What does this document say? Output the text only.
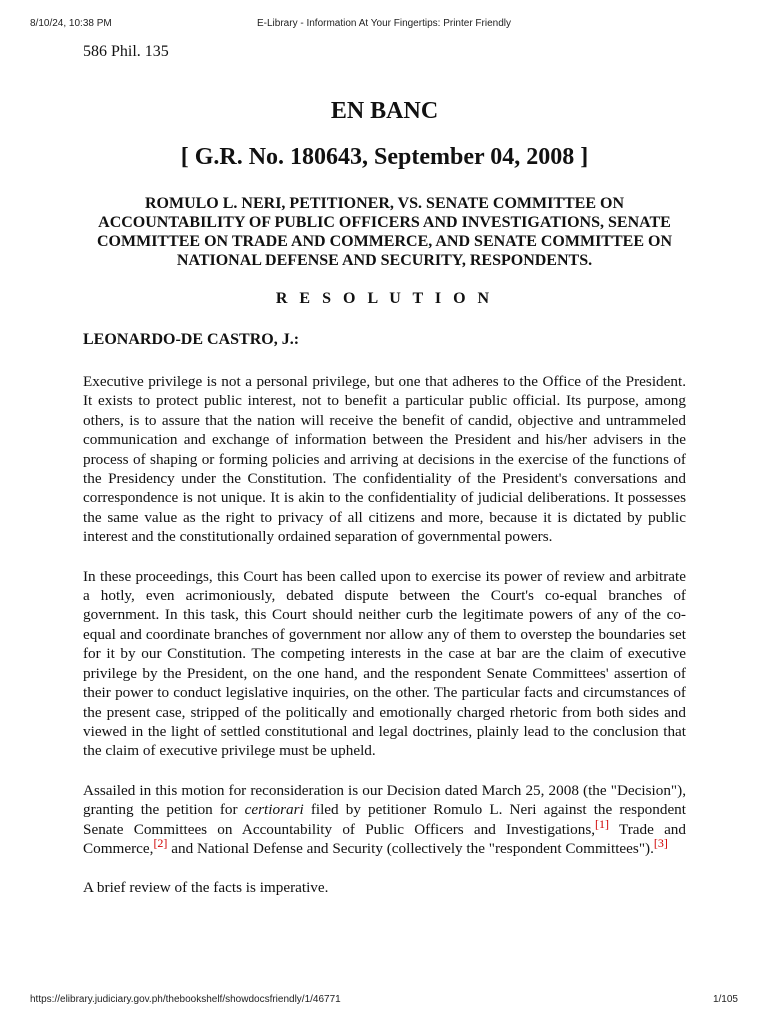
8/10/24, 10:38 PM	E-Library - Information At Your Fingertips: Printer Friendly

586 Phil. 135

EN BANC
[ G.R. No. 180643, September 04, 2008 ]
ROMULO L. NERI, PETITIONER, VS. SENATE COMMITTEE ON ACCOUNTABILITY OF PUBLIC OFFICERS AND INVESTIGATIONS, SENATE COMMITTEE ON TRADE AND COMMERCE, AND SENATE COMMITTEE ON NATIONAL DEFENSE AND SECURITY, RESPONDENTS.
R E S O L U T I O N
LEONARDO-DE CASTRO, J.:

Executive privilege is not a personal privilege, but one that adheres to the Office of the President. It exists to protect public interest, not to benefit a particular public official. Its purpose, among others, is to assure that the nation will receive the benefit of candid, objective and untrammeled communication and exchange of information between the President and his/her advisers in the process of shaping or forming policies and arriving at decisions in the exercise of the functions of the Presidency under the Constitution. The confidentiality of the President's conversations and correspondence is not unique. It is akin to the confidentiality of judicial deliberations. It possesses the same value as the right to privacy of all citizens and more, because it is dictated by public interest and the constitutionally ordained separation of governmental powers.

In these proceedings, this Court has been called upon to exercise its power of review and arbitrate a hotly, even acrimoniously, debated dispute between the Court's co-equal branches of government. In this task, this Court should neither curb the legitimate powers of any of the co-equal and coordinate branches of government nor allow any of them to overstep the boundaries set for it by our Constitution. The competing interests in the case at bar are the claim of executive privilege by the President, on the one hand, and the respondent Senate Committees' assertion of their power to conduct legislative inquiries, on the other. The particular facts and circumstances of the present case, stripped of the politically and emotionally charged rhetoric from both sides and viewed in the light of settled constitutional and legal doctrines, plainly lead to the conclusion that the claim of executive privilege must be upheld.

Assailed in this motion for reconsideration is our Decision dated March 25, 2008 (the "Decision"), granting the petition for certiorari filed by petitioner Romulo L. Neri against the respondent Senate Committees on Accountability of Public Officers and Investigations,[1] Trade and Commerce,[2] and National Defense and Security (collectively the "respondent Committees").[3]

A brief review of the facts is imperative.

https://elibrary.judiciary.gov.ph/thebookshelf/showdocsfriendly/1/46771	1/105
